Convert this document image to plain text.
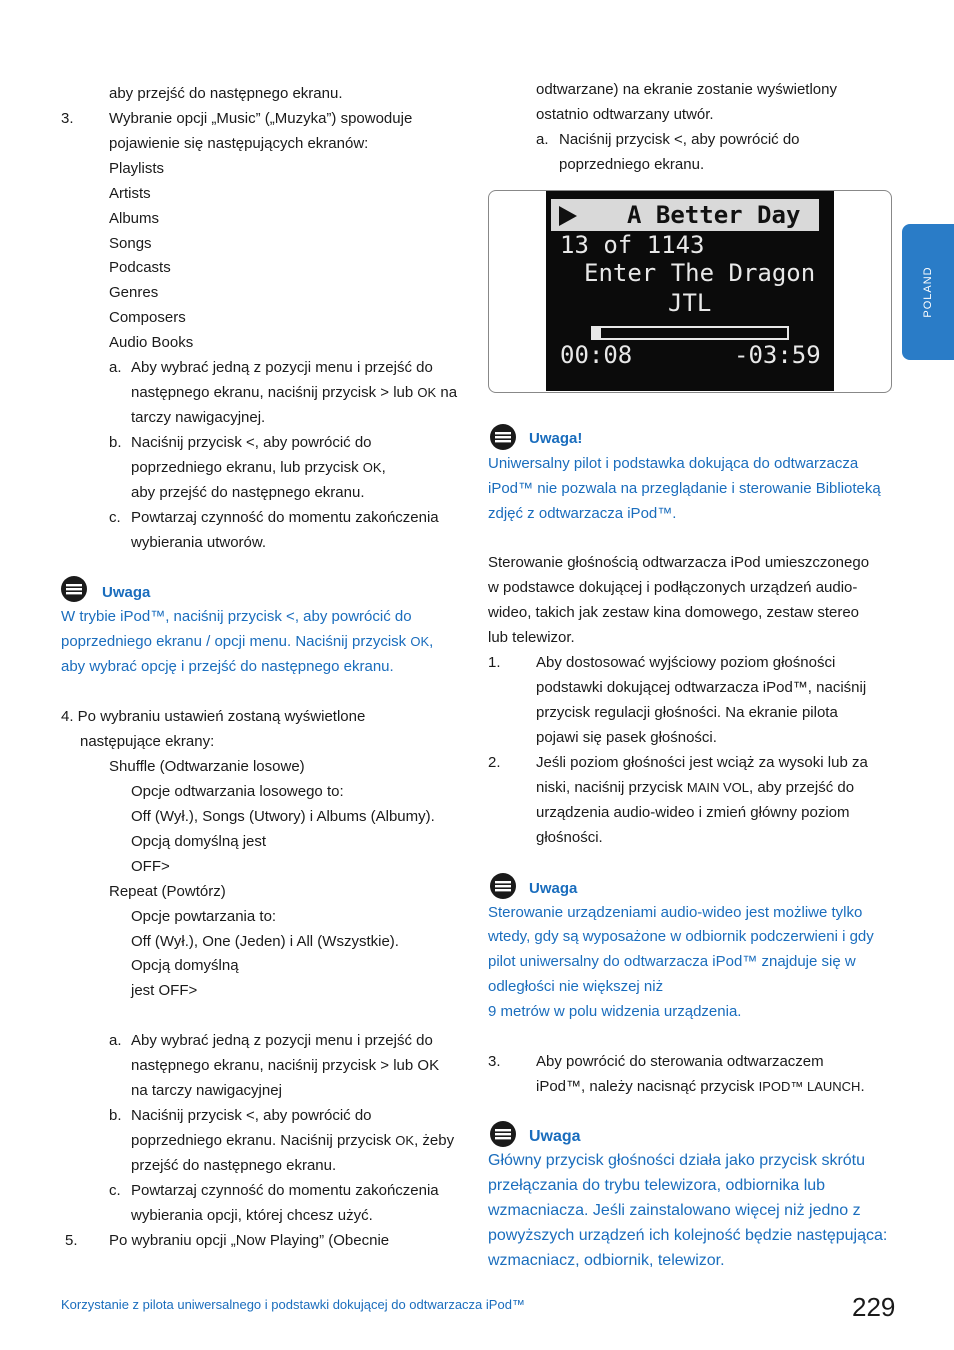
POLAND
aby przejść do następnego ekranu.
3. Wybranie opcji „Music” („Muzyka”) spowoduje
pojawienie się następujących ekranów:
Playlists
Artists
Albums
Songs
Podcasts
Genres
Composers
Audio Books
a. Aby wybrać jedną z pozycji menu i przejść do
następnego ekranu, naciśnij przycisk > lub OK na
tarczy nawigacyjnej.
b. Naciśnij przycisk <, aby powrócić do
poprzedniego ekranu, lub przycisk OK,
aby przejść do następnego ekranu.
c. Powtarzaj czynność do momentu zakończenia
wybierania utworów.
Uwaga
W trybie iPod™, naciśnij przycisk <, aby powrócić do
poprzedniego ekranu / opcji menu. Naciśnij przycisk OK,
aby wybrać opcję i przejść do następnego ekranu.
4. Po wybraniu ustawień zostaną wyświetlone
następujące ekrany:
Shuffle (Odtwarzanie losowe)
Opcje odtwarzania losowego to:
Off (Wył.), Songs (Utwory) i Albums (Albumy).
Opcją domyślną jest
OFF>
Repeat (Powtórz)
Opcje powtarzania to:
Off (Wył.), One (Jeden) i All (Wszystkie).
Opcją domyślną
jest OFF>
a. Aby wybrać jedną z pozycji menu i przejść do
następnego ekranu, naciśnij przycisk > lub OK
na tarczy nawigacyjnej
b. Naciśnij przycisk <, aby powrócić do
poprzedniego ekranu. Naciśnij przycisk OK, żeby
przejść do następnego ekranu.
c. Powtarzaj czynność do momentu zakończenia
wybierania opcji, której chcesz użyć.
5. Po wybraniu opcji „Now Playing” (Obecnie
odtwarzane) na ekranie zostanie wyświetlony
ostatnio odtwarzany utwór.
a. Naciśnij przycisk <, aby powrócić do
poprzedniego ekranu.
A Better Day
13 of 1143
Enter The Dragon
JTL
00:08	-03:59
Uwaga!
Uniwersalny pilot i podstawka dokująca do odtwarzacza
iPod™ nie pozwala na przeglądanie i sterowanie Biblioteką
zdjęć z odtwarzacza iPod™.
Sterowanie głośnością odtwarzacza iPod umieszczonego
w podstawce dokującej i podłączonych urządzeń audio-
wideo, takich jak zestaw kina domowego, zestaw stereo
lub telewizor.
1. Aby dostosować wyjściowy poziom głośności
podstawki dokującej odtwarzacza iPod™, naciśnij
przycisk regulacji głośności. Na ekranie pilota
pojawi się pasek głośności.
2. Jeśli poziom głośności jest wciąż za wysoki lub za
niski, naciśnij przycisk MAIN VOL, aby przejść do
urządzenia audio-wideo i zmień główny poziom
głośności.
Uwaga
Sterowanie urządzeniami audio-wideo jest możliwe tylko
wtedy, gdy są wyposażone w odbiornik podczerwieni i gdy
pilot uniwersalny do odtwarzacza iPod™ znajduje się w
odległości nie większej niż
9 metrów w polu widzenia urządzenia.
3. Aby powrócić do sterowania odtwarzaczem
iPod™, należy nacisnąć przycisk IPOD™ LAUNCH.
Uwaga
Główny przycisk głośności działa jako przycisk skrótu
przełączania do trybu telewizora, odbiornika lub
wzmacniacza. Jeśli zainstalowano więcej niż jedno z
powyższych urządzeń ich kolejność będzie następująca:
wzmacniacz, odbiornik, telewizor.
Korzystanie z pilota uniwersalnego i podstawki dokującej do odtwarzacza iPod™	229
